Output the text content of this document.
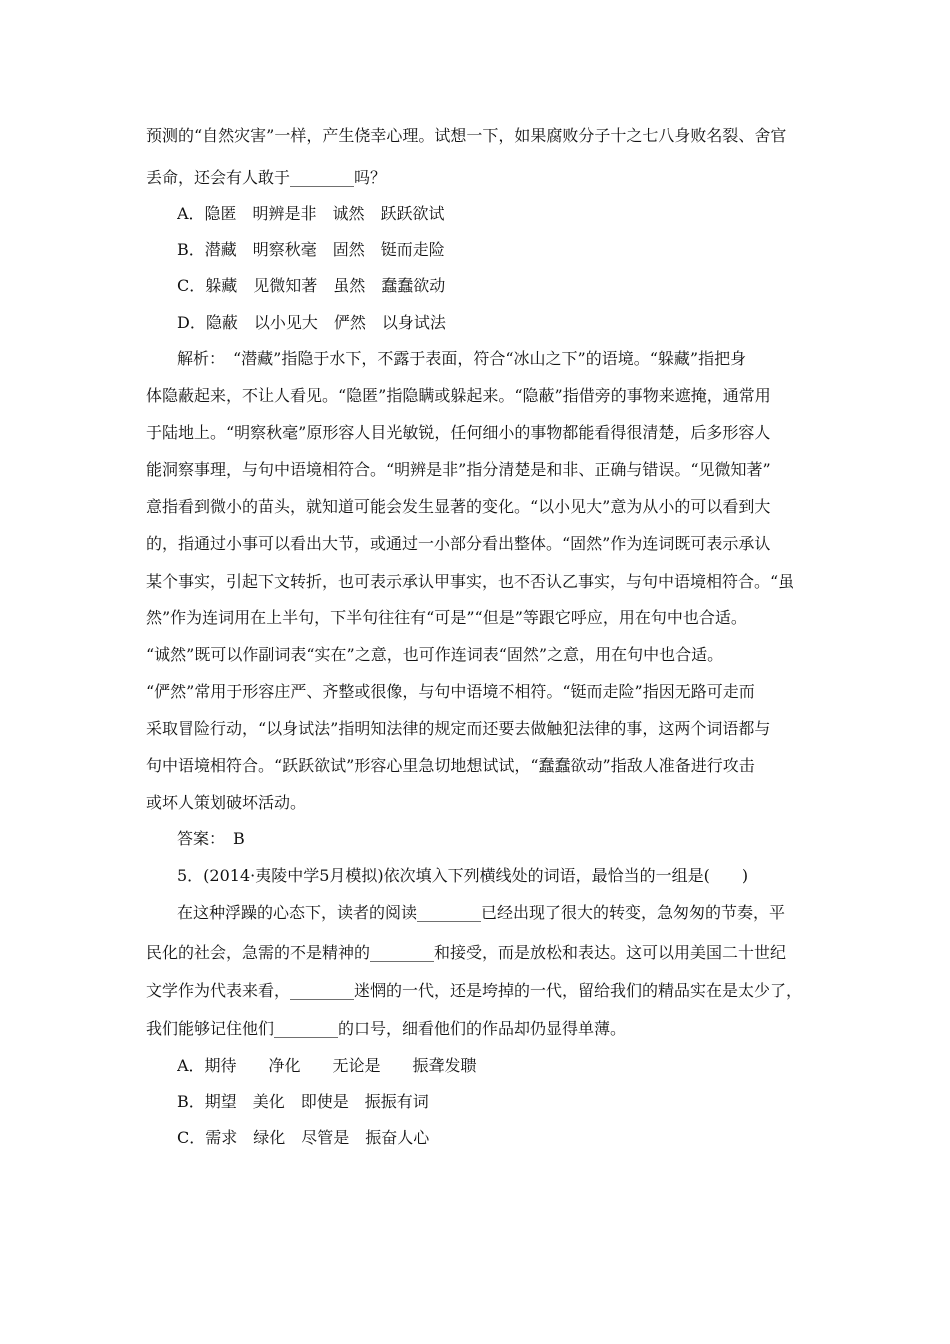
预测的“自然灾害”一样，产生侥幸心理。试想一下，如果腐败分子十之七八身败名裂、舍官
丢命，还会有人敢于________吗？
A．隐匿　明辨是非　诚然　跃跃欲试
B．潜藏　明察秋毫　固然　铤而走险
C．躲藏　见微知著　虽然　蠢蠢欲动
D．隐蔽　以小见大　俨然　以身试法
解析：　“潜藏”指隐于水下，不露于表面，符合“冰山之下”的语境。“躲藏”指把身
体隐蔽起来，不让人看见。“隐匿”指隐瞒或躲起来。“隐蔽”指借旁的事物来遮掩，通常用
于陆地上。“明察秋毫”原形容人目光敏锐，任何细小的事物都能看得很清楚，后多形容人
能洞察事理，与句中语境相符合。“明辨是非”指分清楚是和非、正确与错误。“见微知著”
意指看到微小的苗头，就知道可能会发生显著的变化。“以小见大”意为从小的可以看到大
的，指通过小事可以看出大节，或通过一小部分看出整体。“固然”作为连词既可表示承认
某个事实，引起下文转折，也可表示承认甲事实，也不否认乙事实，与句中语境相符合。“虽
然”作为连词用在上半句，下半句往往有“可是”“但是”等跟它呼应，用在句中也合适。
“诚然”既可以作副词表“实在”之意，也可作连词表“固然”之意，用在句中也合适。
“俨然”常用于形容庄严、齐整或很像，与句中语境不相符。“铤而走险”指因无路可走而
采取冒险行动，“以身试法”指明知法律的规定而还要去做触犯法律的事，这两个词语都与
句中语境相符合。“跃跃欲试”形容心里急切地想试试，“蠢蠢欲动”指敌人准备进行攻击
或坏人策划破坏活动。
答案：　B
5．(2014·夷陵中学5月模拟)依次填入下列横线处的词语，最恰当的一组是(　　)
在这种浮躁的心态下，读者的阅读________已经出现了很大的转变，急匆匆的节奏，平
民化的社会，急需的不是精神的________和接受，而是放松和表达。这可以用美国二十世纪
文学作为代表来看，________迷惘的一代，还是垮掉的一代，留给我们的精品实在是太少了，
我们能够记住他们________的口号，细看他们的作品却仍显得单薄。
A．期待　　净化　　无论是　　振聋发聩
B．期望　美化　即使是　振振有词
C．需求　绿化　尽管是　振奋人心
